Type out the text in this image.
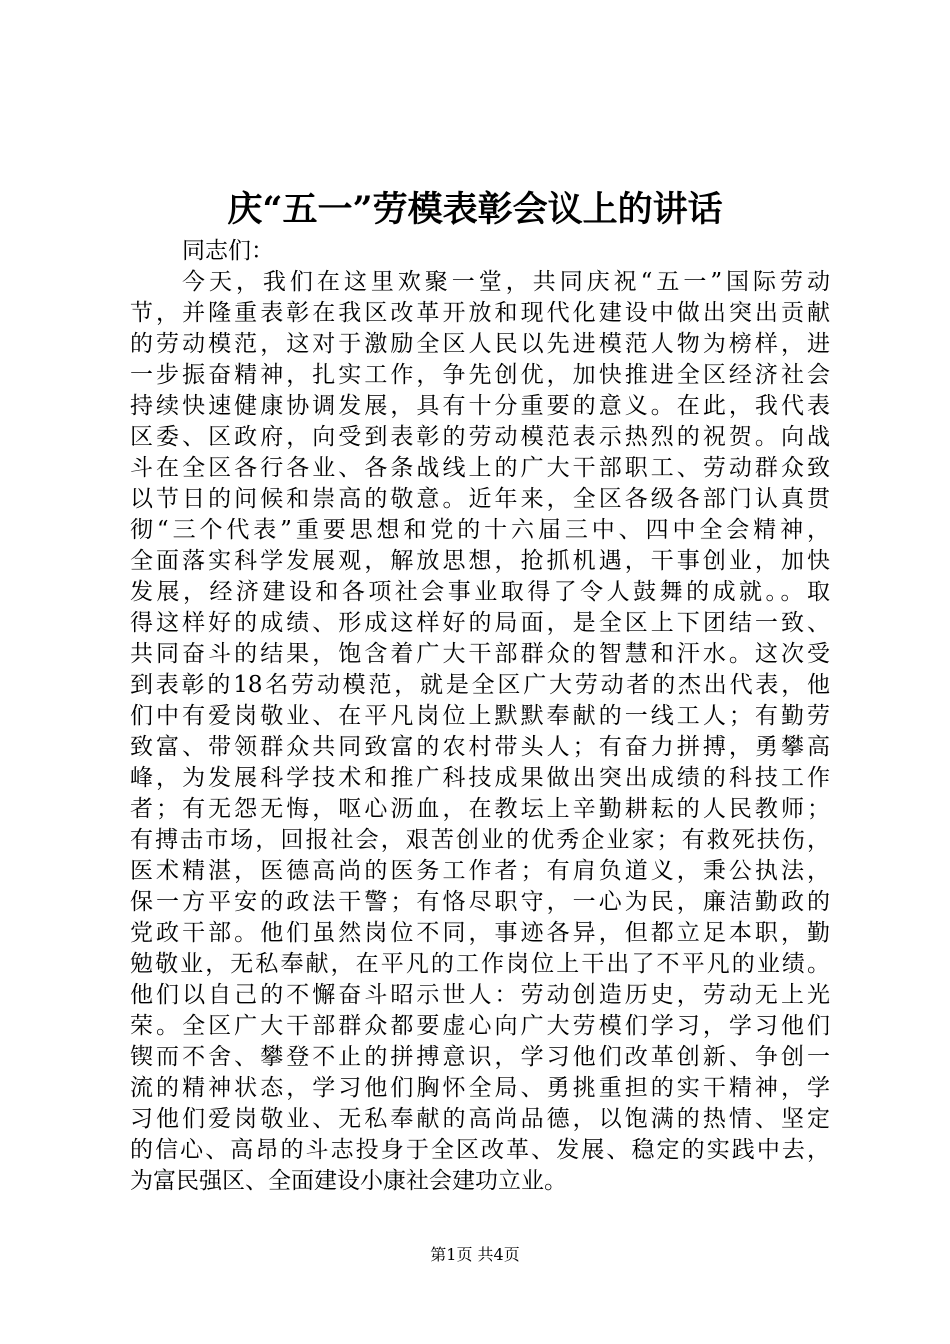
庆“五一”劳模表彰会议上的讲话

同志们：

今天，我们在这里欢聚一堂，共同庆祝“五一”国际劳动

节，并隆重表彰在我区改革开放和现代化建设中做出突出贡献

的劳动模范，这对于激励全区人民以先进模范人物为榜样，进

一步振奋精神，扎实工作，争先创优，加快推进全区经济社会

持续快速健康协调发展，具有十分重要的意义。在此，我代表

区委、区政府，向受到表彰的劳动模范表示热烈的祝贺。向战

斗在全区各行各业、各条战线上的广大干部职工、劳动群众致

以节日的问候和崇高的敬意。近年来，全区各级各部门认真贯

彻“三个代表”重要思想和党的十六届三中、四中全会精神，

全面落实科学发展观，解放思想，抢抓机遇，干事创业，加快

发展，经济建设和各项社会事业取得了令人鼓舞的成就。。取

得这样好的成绩、形成这样好的局面，是全区上下团结一致、

共同奋斗的结果，饱含着广大干部群众的智慧和汗水。这次受

到表彰的18名劳动模范，就是全区广大劳动者的杰出代表，他

们中有爱岗敬业、在平凡岗位上默默奉献的一线工人；有勤劳

致富、带领群众共同致富的农村带头人；有奋力拼搏，勇攀高

峰，为发展科学技术和推广科技成果做出突出成绩的科技工作

者；有无怨无悔，呕心沥血，在教坛上辛勤耕耘的人民教师；

有搏击市场，回报社会，艰苦创业的优秀企业家；有救死扶伤，

医术精湛，医德高尚的医务工作者；有肩负道义，秉公执法，

保一方平安的政法干警；有恪尽职守，一心为民，廉洁勤政的

党政干部。他们虽然岗位不同，事迹各异，但都立足本职，勤

勉敬业，无私奉献，在平凡的工作岗位上干出了不平凡的业绩。

他们以自己的不懈奋斗昭示世人：劳动创造历史，劳动无上光

荣。全区广大干部群众都要虚心向广大劳模们学习，学习他们

锲而不舍、攀登不止的拼搏意识，学习他们改革创新、争创一

流的精神状态，学习他们胸怀全局、勇挑重担的实干精神，学

习他们爱岗敬业、无私奉献的高尚品德，以饱满的热情、坚定

的信心、高昂的斗志投身于全区改革、发展、稳定的实践中去，

为富民强区、全面建设小康社会建功立业。

第1页 共4页
